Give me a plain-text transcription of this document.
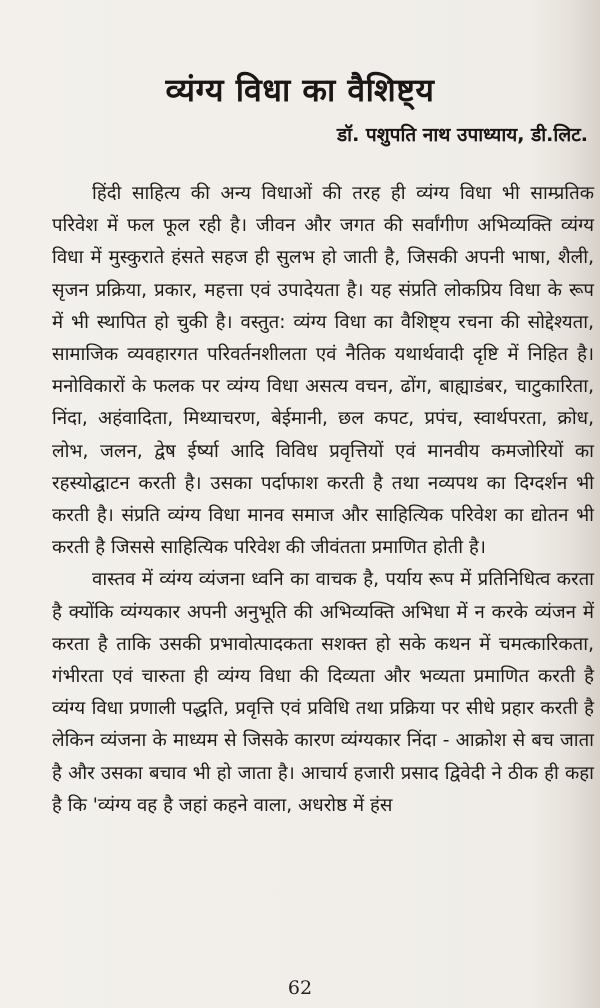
व्यंग्य विधा का वैशिष्ट्य
डॉ. पशुपति नाथ उपाध्याय, डी.लिट.

हिंदी साहित्य की अन्य विधाओं की तरह ही व्यंग्य विधा भी साम्प्रतिक परिवेश में फल फूल रही है। जीवन और जगत की सर्वांगीण अभिव्यक्ति व्यंग्य विधा में मुस्कुराते हंसते सहज ही सुलभ हो जाती है, जिसकी अपनी भाषा, शैली, सृजन प्रक्रिया, प्रकार, महत्ता एवं उपादेयता है। यह संप्रति लोकप्रिय विधा के रूप में भी स्थापित हो चुकी है। वस्तुत: व्यंग्य विधा का वैशिष्ट्य रचना की सोद्देश्यता, सामाजिक व्यवहारगत परिवर्तनशीलता एवं नैतिक यथार्थवादी दृष्टि में निहित है। मनोविकारों के फलक पर व्यंग्य विधा असत्य वचन, ढोंग, बाह्याडंबर, चाटुकारिता, निंदा, अहंवादिता, मिथ्याचरण, बेईमानी, छल कपट, प्रपंच, स्वार्थपरता, क्रोध, लोभ, जलन, द्वेष ईर्ष्या आदि विविध प्रवृत्तियों एवं मानवीय कमजोरियों का रहस्योद्घाटन करती है। उसका पर्दाफाश करती है तथा नव्यपथ का दिग्दर्शन भी करती है। संप्रति व्यंग्य विधा मानव समाज और साहित्यिक परिवेश का द्योतन भी करती है जिससे साहित्यिक परिवेश की जीवंतता प्रमाणित होती है।

वास्तव में व्यंग्य व्यंजना ध्वनि का वाचक है, पर्याय रूप में प्रतिनिधित्व करता है क्योंकि व्यंग्यकार अपनी अनुभूति की अभिव्यक्ति अभिधा में न करके व्यंजन में करता है ताकि उसकी प्रभावोत्पादकता सशक्त हो सके कथन में चमत्कारिकता, गंभीरता एवं चारुता ही व्यंग्य विधा की दिव्यता और भव्यता प्रमाणित करती है व्यंग्य विधा प्रणाली पद्धति, प्रवृत्ति एवं प्रविधि तथा प्रक्रिया पर सीधे प्रहार करती है लेकिन व्यंजना के माध्यम से जिसके कारण व्यंग्यकार निंदा - आक्रोश से बच जाता है और उसका बचाव भी हो जाता है। आचार्य हजारी प्रसाद द्विवेदी ने ठीक ही कहा है कि 'व्यंग्य वह है जहां कहने वाला, अधरोष्ठ में हंस

62
